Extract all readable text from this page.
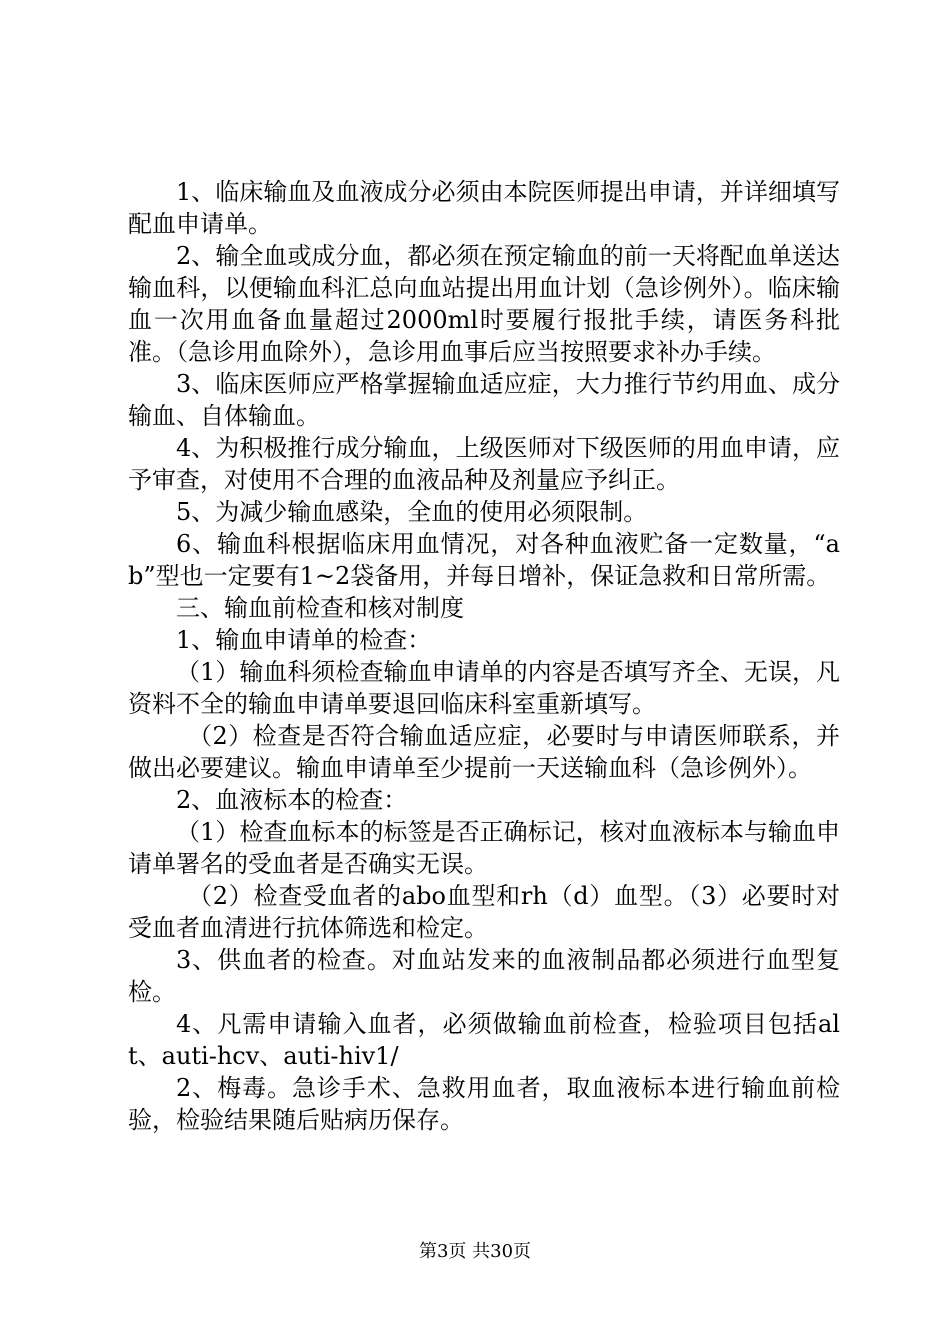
1、临床输血及血液成分必须由本院医师提出申请，并详细填写配血申请单。

2、输全血或成分血，都必须在预定输血的前一天将配血单送达输血科，以便输血科汇总向血站提出用血计划（急诊例外）。临床输血一次用血备血量超过2000ml时要履行报批手续，请医务科批准。（急诊用血除外），急诊用血事后应当按照要求补办手续。

3、临床医师应严格掌握输血适应症，大力推行节约用血、成分输血、自体输血。

4、为积极推行成分输血，上级医师对下级医师的用血申请，应予审查，对使用不合理的血液品种及剂量应予纠正。

5、为减少输血感染，全血的使用必须限制。

6、输血科根据临床用血情况，对各种血液贮备一定数量，“ab”型也一定要有1~2袋备用，并每日增补，保证急救和日常所需。

三、输血前检查和核对制度

1、输血申请单的检查：

（1）输血科须检查输血申请单的内容是否填写齐全、无误，凡资料不全的输血申请单要退回临床科室重新填写。

（2）检查是否符合输血适应症，必要时与申请医师联系，并做出必要建议。输血申请单至少提前一天送输血科（急诊例外）。

2、血液标本的检查：

（1）检查血标本的标签是否正确标记，核对血液标本与输血申请单署名的受血者是否确实无误。

（2）检查受血者的abo血型和rh（d）血型。（3）必要时对受血者血清进行抗体筛选和检定。

3、供血者的检查。对血站发来的血液制品都必须进行血型复检。

4、凡需申请输入血者，必须做输血前检查，检验项目包括alt、auti-hcv、auti-hiv1/

2、梅毒。急诊手术、急救用血者，取血液标本进行输血前检验，检验结果随后贴病历保存。

第3页 共30页
